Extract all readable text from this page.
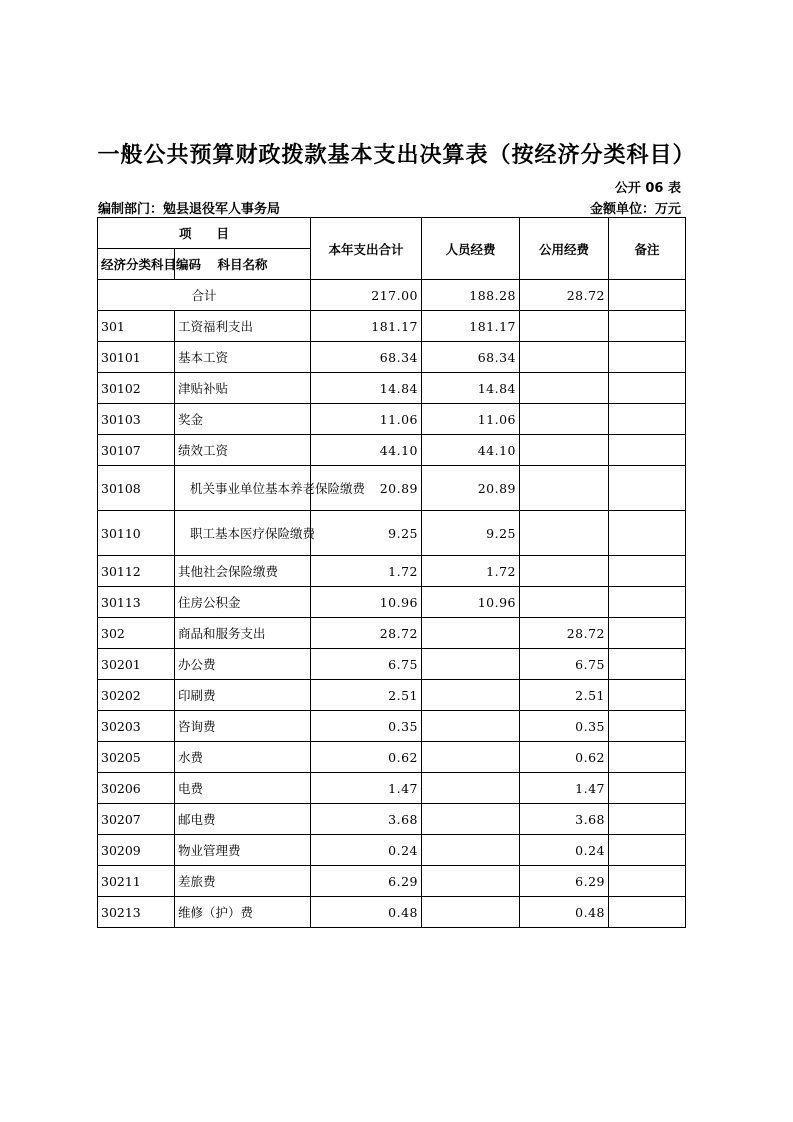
一般公共预算财政拨款基本支出决算表（按经济分类科目）
公开 06 表
编制部门：勉县退役军人事务局	金额单位：万元
项　　目		本年支出合计	人员经费	公用经费	备注
经济分类科目编码	科目名称				
合计		217.00	188.28	28.72	
301	工资福利支出	181.17	181.17		
30101	基本工资	68.34	68.34		
30102	津贴补贴	14.84	14.84		
30103	奖金	11.06	11.06		
30107	绩效工资	44.10	44.10		
30108	机关事业单位基本养老保险缴费	20.89	20.89		
30110	职工基本医疗保险缴费	9.25	9.25		
30112	其他社会保险缴费	1.72	1.72		
30113	住房公积金	10.96	10.96		
302	商品和服务支出	28.72		28.72	
30201	办公费	6.75		6.75	
30202	印刷费	2.51		2.51	
30203	咨询费	0.35		0.35	
30205	水费	0.62		0.62	
30206	电费	1.47		1.47	
30207	邮电费	3.68		3.68	
30209	物业管理费	0.24		0.24	
30211	差旅费	6.29		6.29	
30213	维修（护）费	0.48		0.48	
